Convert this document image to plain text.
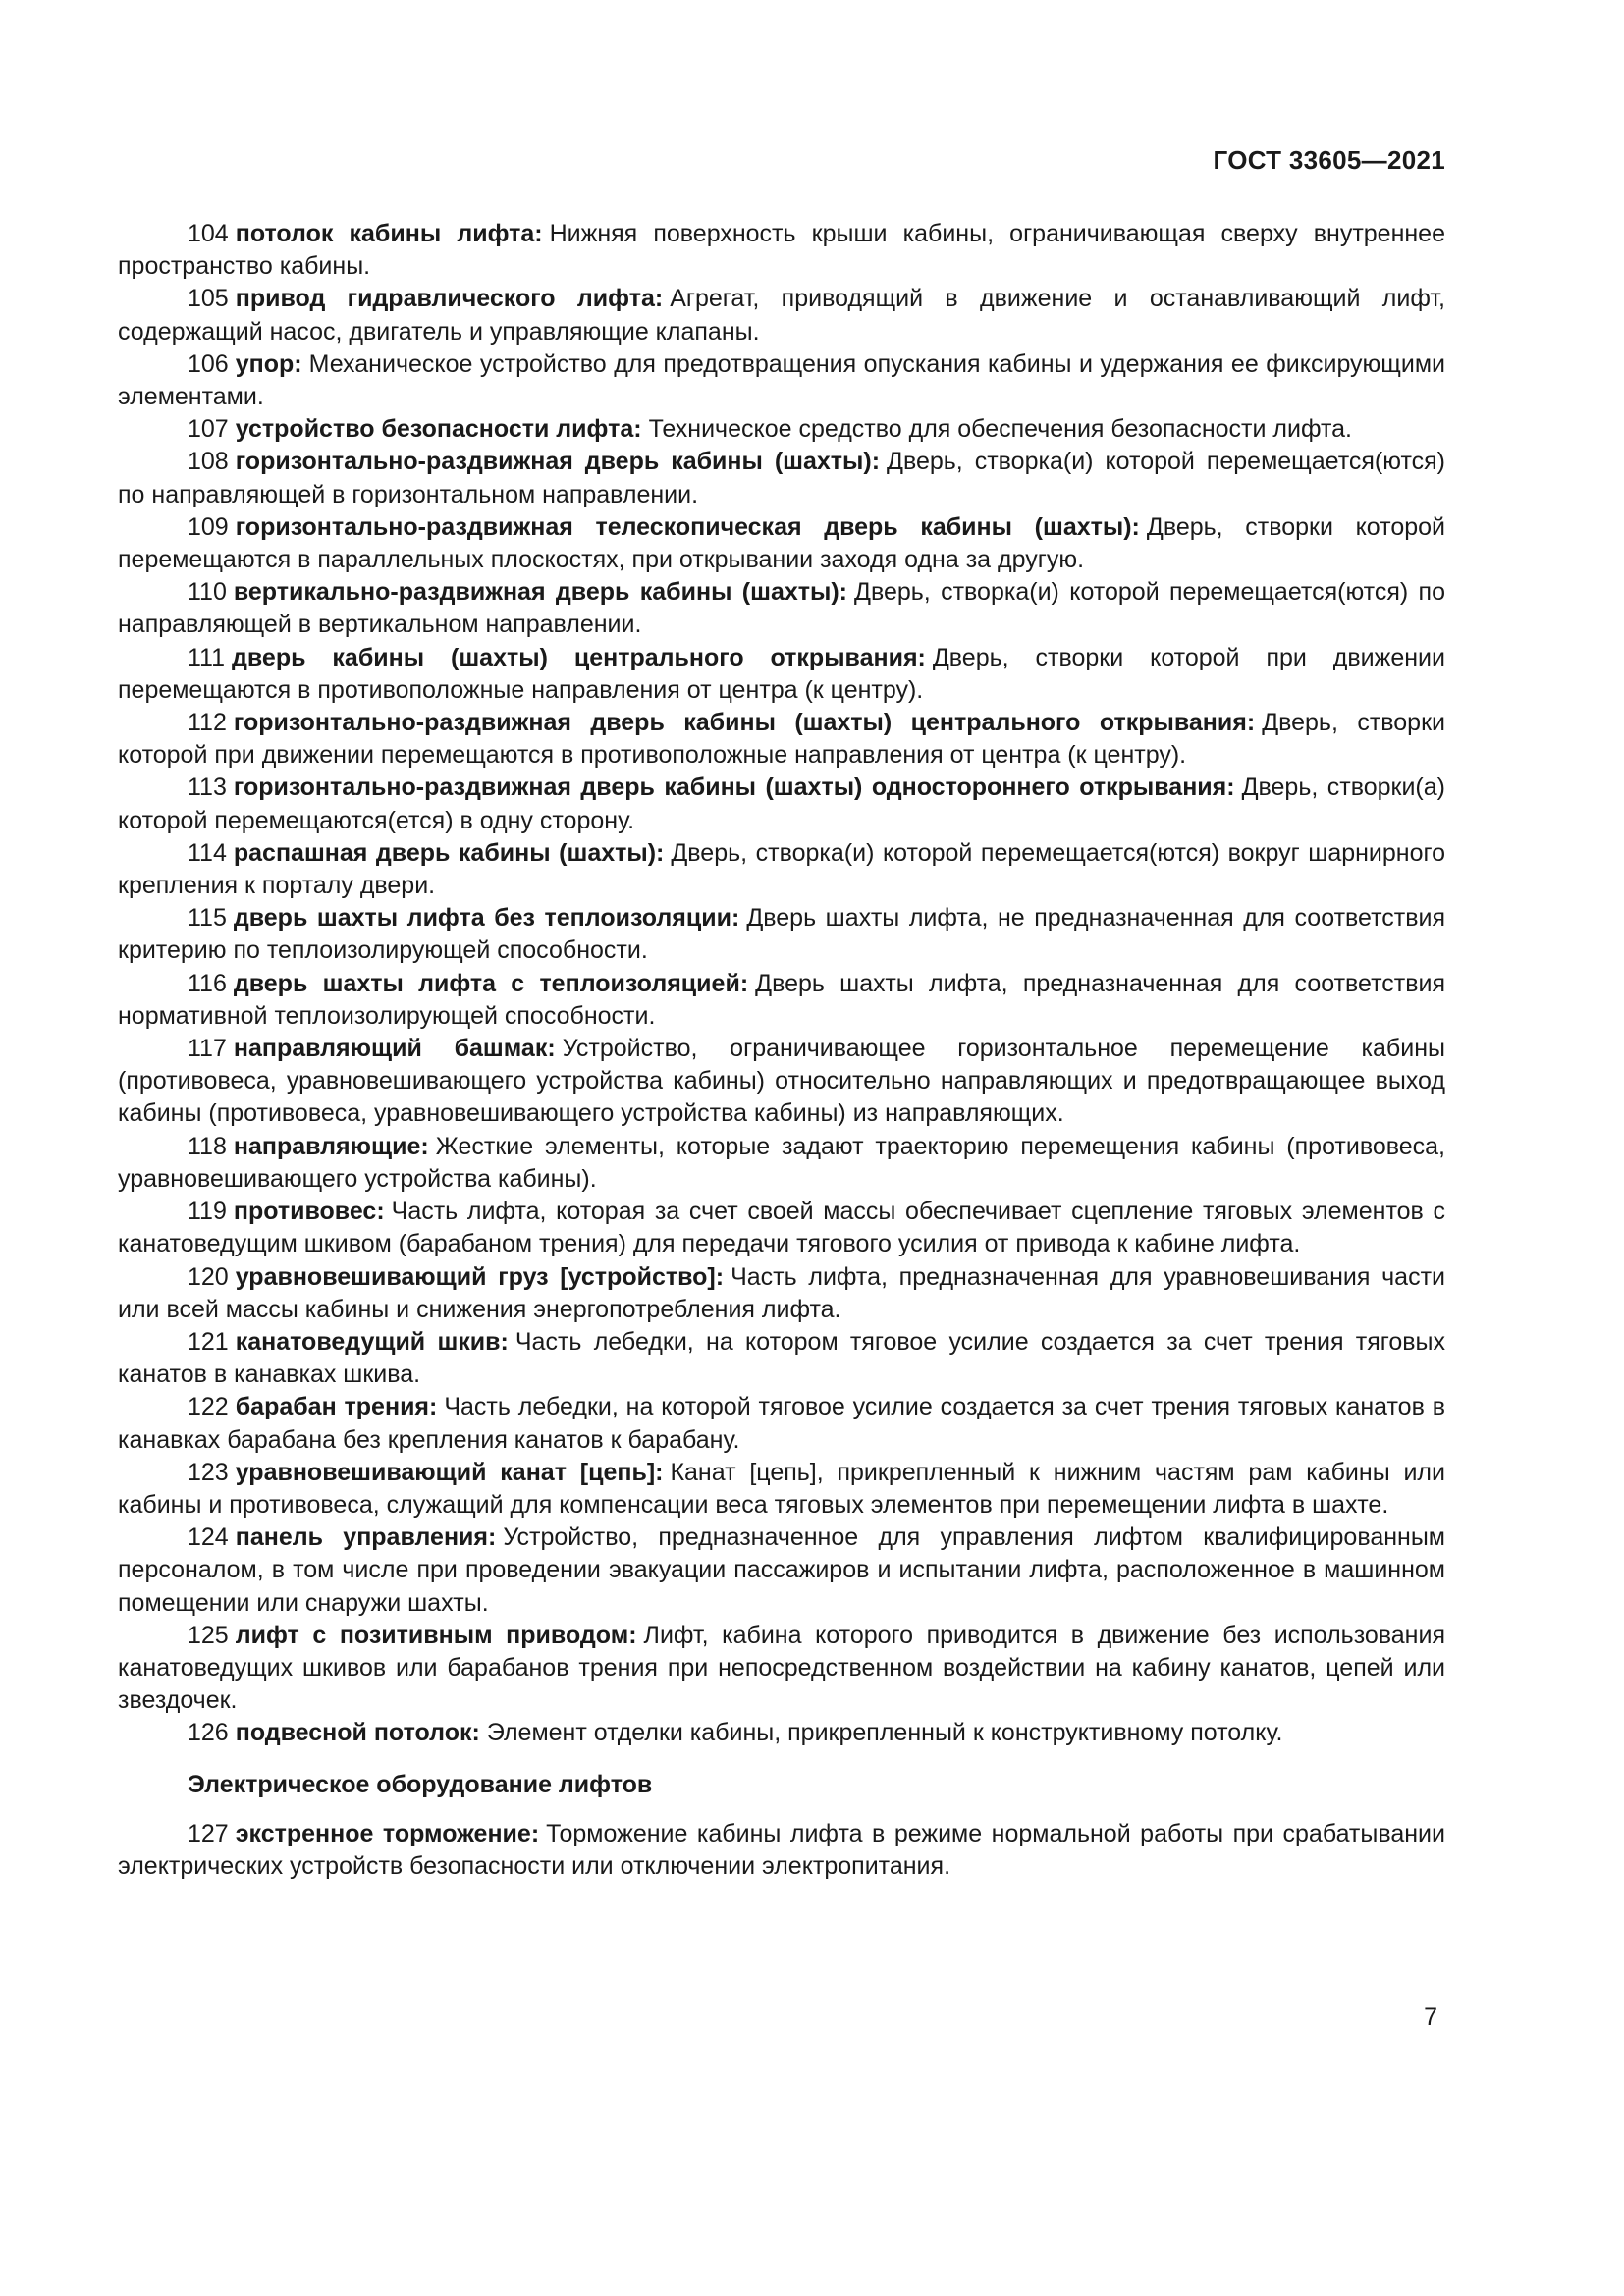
ГОСТ 33605—2021

104 потолок кабины лифта: Нижняя поверхность крыши кабины, ограничивающая сверху внутреннее пространство кабины.

105 привод гидравлического лифта: Агрегат, приводящий в движение и останавливающий лифт, содержащий насос, двигатель и управляющие клапаны.

106 упор: Механическое устройство для предотвращения опускания кабины и удержания ее фиксирующими элементами.

107 устройство безопасности лифта: Техническое средство для обеспечения безопасности лифта.

108 горизонтально-раздвижная дверь кабины (шахты): Дверь, створка(и) которой перемещается(ются) по направляющей в горизонтальном направлении.

109 горизонтально-раздвижная телескопическая дверь кабины (шахты): Дверь, створки которой перемещаются в параллельных плоскостях, при открывании заходя одна за другую.

110 вертикально-раздвижная дверь кабины (шахты): Дверь, створка(и) которой перемещается(ются) по направляющей в вертикальном направлении.

111 дверь кабины (шахты) центрального открывания: Дверь, створки которой при движении перемещаются в противоположные направления от центра (к центру).

112 горизонтально-раздвижная дверь кабины (шахты) центрального открывания: Дверь, створки которой при движении перемещаются в противоположные направления от центра (к центру).

113 горизонтально-раздвижная дверь кабины (шахты) одностороннего открывания: Дверь, створки(а) которой перемещаются(ется) в одну сторону.

114 распашная дверь кабины (шахты): Дверь, створка(и) которой перемещается(ются) вокруг шарнирного крепления к порталу двери.

115 дверь шахты лифта без теплоизоляции: Дверь шахты лифта, не предназначенная для соответствия критерию по теплоизолирующей способности.

116 дверь шахты лифта с теплоизоляцией: Дверь шахты лифта, предназначенная для соответствия нормативной теплоизолирующей способности.

117 направляющий башмак: Устройство, ограничивающее горизонтальное перемещение кабины (противовеса, уравновешивающего устройства кабины) относительно направляющих и предотвращающее выход кабины (противовеса, уравновешивающего устройства кабины) из направляющих.

118 направляющие: Жесткие элементы, которые задают траекторию перемещения кабины (противовеса, уравновешивающего устройства кабины).

119 противовес: Часть лифта, которая за счет своей массы обеспечивает сцепление тяговых элементов с канатоведущим шкивом (барабаном трения) для передачи тягового усилия от привода к кабине лифта.

120 уравновешивающий груз [устройство]: Часть лифта, предназначенная для уравновешивания части или всей массы кабины и снижения энергопотребления лифта.

121 канатоведущий шкив: Часть лебедки, на котором тяговое усилие создается за счет трения тяговых канатов в канавках шкива.

122 барабан трения: Часть лебедки, на которой тяговое усилие создается за счет трения тяговых канатов в канавках барабана без крепления канатов к барабану.

123 уравновешивающий канат [цепь]: Канат [цепь], прикрепленный к нижним частям рам кабины или кабины и противовеса, служащий для компенсации веса тяговых элементов при перемещении лифта в шахте.

124 панель управления: Устройство, предназначенное для управления лифтом квалифицированным персоналом, в том числе при проведении эвакуации пассажиров и испытании лифта, расположенное в машинном помещении или снаружи шахты.

125 лифт с позитивным приводом: Лифт, кабина которого приводится в движение без использования канатоведущих шкивов или барабанов трения при непосредственном воздействии на кабину канатов, цепей или звездочек.

126 подвесной потолок: Элемент отделки кабины, прикрепленный к конструктивному потолку.

Электрическое оборудование лифтов

127 экстренное торможение: Торможение кабины лифта в режиме нормальной работы при срабатывании электрических устройств безопасности или отключении электропитания.

7
